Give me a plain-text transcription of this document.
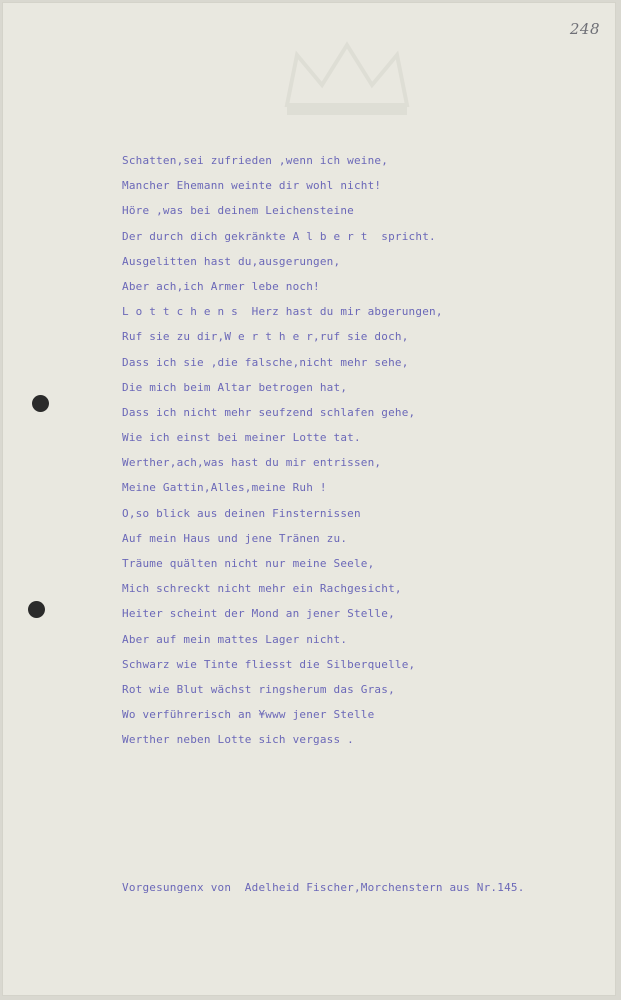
248
Schatten,sei zufrieden ,wenn ich weine,
Mancher Ehemann weinte dir wohl nicht!
Höre ,was bei deinem Leichensteine
Der durch dich gekränkte A l b e r t  spricht.
Ausgelitten hast du,ausgerungen,
Aber ach,ich Armer lebe noch!
L o t t c h e n s  Herz hast du mir abgerungen,
Ruf sie zu dir,W e r t h e r,ruf sie doch,
Dass ich sie ,die falsche,nicht mehr sehe,
Die mich beim Altar betrogen hat,
Dass ich nicht mehr seufzend schlafen gehe,
Wie ich einst bei meiner Lotte tat.
Werther,ach,was hast du mir entrissen,
Meine Gattin,Alles,meine Ruh !
O,so blick aus deinen Finsternissen
Auf mein Haus und jene Tränen zu.
Träume quälten nicht nur meine Seele,
Mich schreckt nicht mehr ein Rachgesicht,
Heiter scheint der Mond an jener Stelle,
Aber auf mein mattes Lager nicht.
Schwarz wie Tinte fliesst die Silberquelle,
Rot wie Blut wächst ringsherum das Gras,
Wo verführerisch an ¥www jener Stelle
Werther neben Lotte sich vergass .
Vorgesungenx von  Adelheid Fischer,Morchenstern aus Nr.145.
